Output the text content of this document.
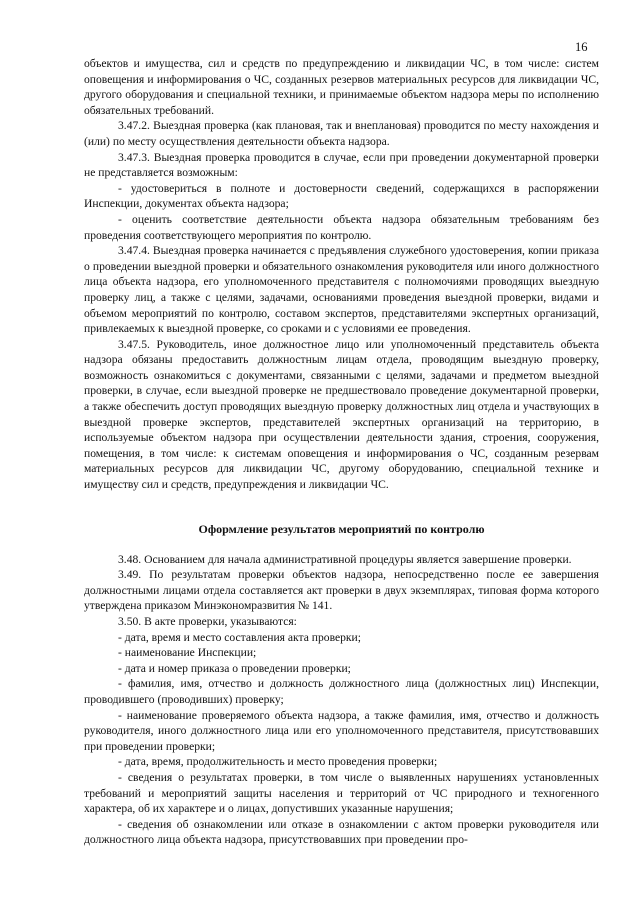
16

объектов и имущества, сил и средств по предупреждению и ликвидации ЧС, в том числе: систем оповещения и информирования о ЧС, созданных резервов материальных ресурсов для ликвидации ЧС, другого оборудования и специальной техники, и принимаемые объектом надзора меры по исполнению обязательных требований.

3.47.2. Выездная проверка (как плановая, так и внеплановая) проводится по месту нахождения и (или) по месту осуществления деятельности объекта надзора.

3.47.3. Выездная проверка проводится в случае, если при проведении документарной проверки не представляется возможным:

- удостовериться в полноте и достоверности сведений, содержащихся в распоряжении Инспекции, документах объекта надзора;

- оценить соответствие деятельности объекта надзора обязательным требованиям без проведения соответствующего мероприятия по контролю.

3.47.4. Выездная проверка начинается с предъявления служебного удостоверения, копии приказа о проведении выездной проверки и обязательного ознакомления руководителя или иного должностного лица объекта надзора, его уполномоченного представителя с полномочиями проводящих выездную проверку лиц, а также с целями, задачами, основаниями проведения выездной проверки, видами и объемом мероприятий по контролю, составом экспертов, представителями экспертных организаций, привлекаемых к выездной проверке, со сроками и с условиями ее проведения.

3.47.5. Руководитель, иное должностное лицо или уполномоченный представитель объекта надзора обязаны предоставить должностным лицам отдела, проводящим выездную проверку, возможность ознакомиться с документами, связанными с целями, задачами и предметом выездной проверки, в случае, если выездной проверке не предшествовало проведение документарной проверки, а также обеспечить доступ проводящих выездную проверку должностных лиц отдела и участвующих в выездной проверке экспертов, представителей экспертных организаций на территорию, в используемые объектом надзора при осуществлении деятельности здания, строения, сооружения, помещения, в том числе: к системам оповещения и информирования о ЧС, созданным резервам материальных ресурсов для ликвидации ЧС, другому оборудованию, специальной технике и имуществу сил и средств, предупреждения и ликвидации ЧС.

Оформление результатов мероприятий по контролю

3.48. Основанием для начала административной процедуры является завершение проверки.

3.49. По результатам проверки объектов надзора, непосредственно после ее завершения должностными лицами отдела составляется акт проверки в двух экземплярах, типовая форма которого утверждена приказом Минэкономразвития № 141.

3.50. В акте проверки, указываются:

- дата, время и место составления акта проверки;

- наименование Инспекции;

- дата и номер приказа о проведении проверки;

- фамилия, имя, отчество и должность должностного лица (должностных лиц) Инспекции, проводившего (проводивших) проверку;

- наименование проверяемого объекта надзора, а также фамилия, имя, отчество и должность руководителя, иного должностного лица или его уполномоченного представителя, присутствовавших при проведении проверки;

- дата, время, продолжительность и место проведения проверки;

- сведения о результатах проверки, в том числе о выявленных нарушениях установленных требований и мероприятий защиты населения и территорий от ЧС природного и техногенного характера, об их характере и о лицах, допустивших указанные нарушения;

- сведения об ознакомлении или отказе в ознакомлении с актом проверки руководителя или должностного лица объекта надзора, присутствовавших при проведении про-
